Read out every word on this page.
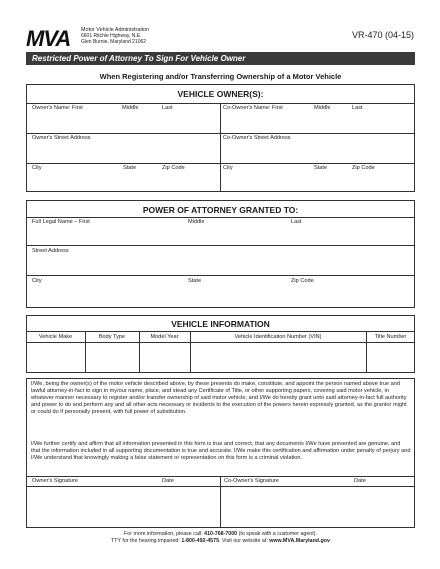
MVA Motor Vehicle Administration
6601 Ritchie Highway, N.E.
Glen Burnie, Maryland 21062
VR-470 (04-15)
Restricted Power of Attorney To Sign For Vehicle Owner
When Registering and/or Transferring Ownership of a Motor Vehicle
VEHICLE OWNER(S):
Owner's Name: First	Middle	Last	Co-Owner's Name: First	Middle	Last
Owner's Street Address	Co-Owner's Street Address
City	State	Zip Code	City	State	Zip Code
POWER OF ATTORNEY GRANTED TO:
Full Legal Name – First	Middle	Last
Street Address
City	State	Zip Code
VEHICLE INFORMATION
Vehicle Make	Body Type	Model Year	Vehicle Identification Number (VIN)	Title Number
I/We, being the owner(s) of the motor vehicle described above, by these presents do make, constitute, and appoint the person named above true and lawful attorney-in-fact to sign in my/our name, place, and stead any Certificate of Title, or other supporting papers, covering said motor vehicle, in whatever manner necessary to register and/or transfer ownership of said motor vehicle; and I/We do hereby grant unto said attorney-in-fact full authority and power to do and perform any and all other acts necessary or incidents to the execution of the powers herein expressly granted, as the grantor might or could do if personally present, with full power of substitution.
I/We further certify and affirm that all information presented in this form is true and correct, that any documents I/We have presented are genuine, and that the information included in all supporting documentation is true and accurate. I/We make this certification and affirmation under penalty of perjury and I/We understand that knowingly making a false statement or representation on this form is a criminal violation.
Owner's Signature	Date	Co-Owner's Signature	Date
For more information, please call: 410-768-7000 (to speak with a customer agent).
TTY for the hearing impaired: 1-800-492-4575. Visit our website at: www.MVA.Maryland.gov
